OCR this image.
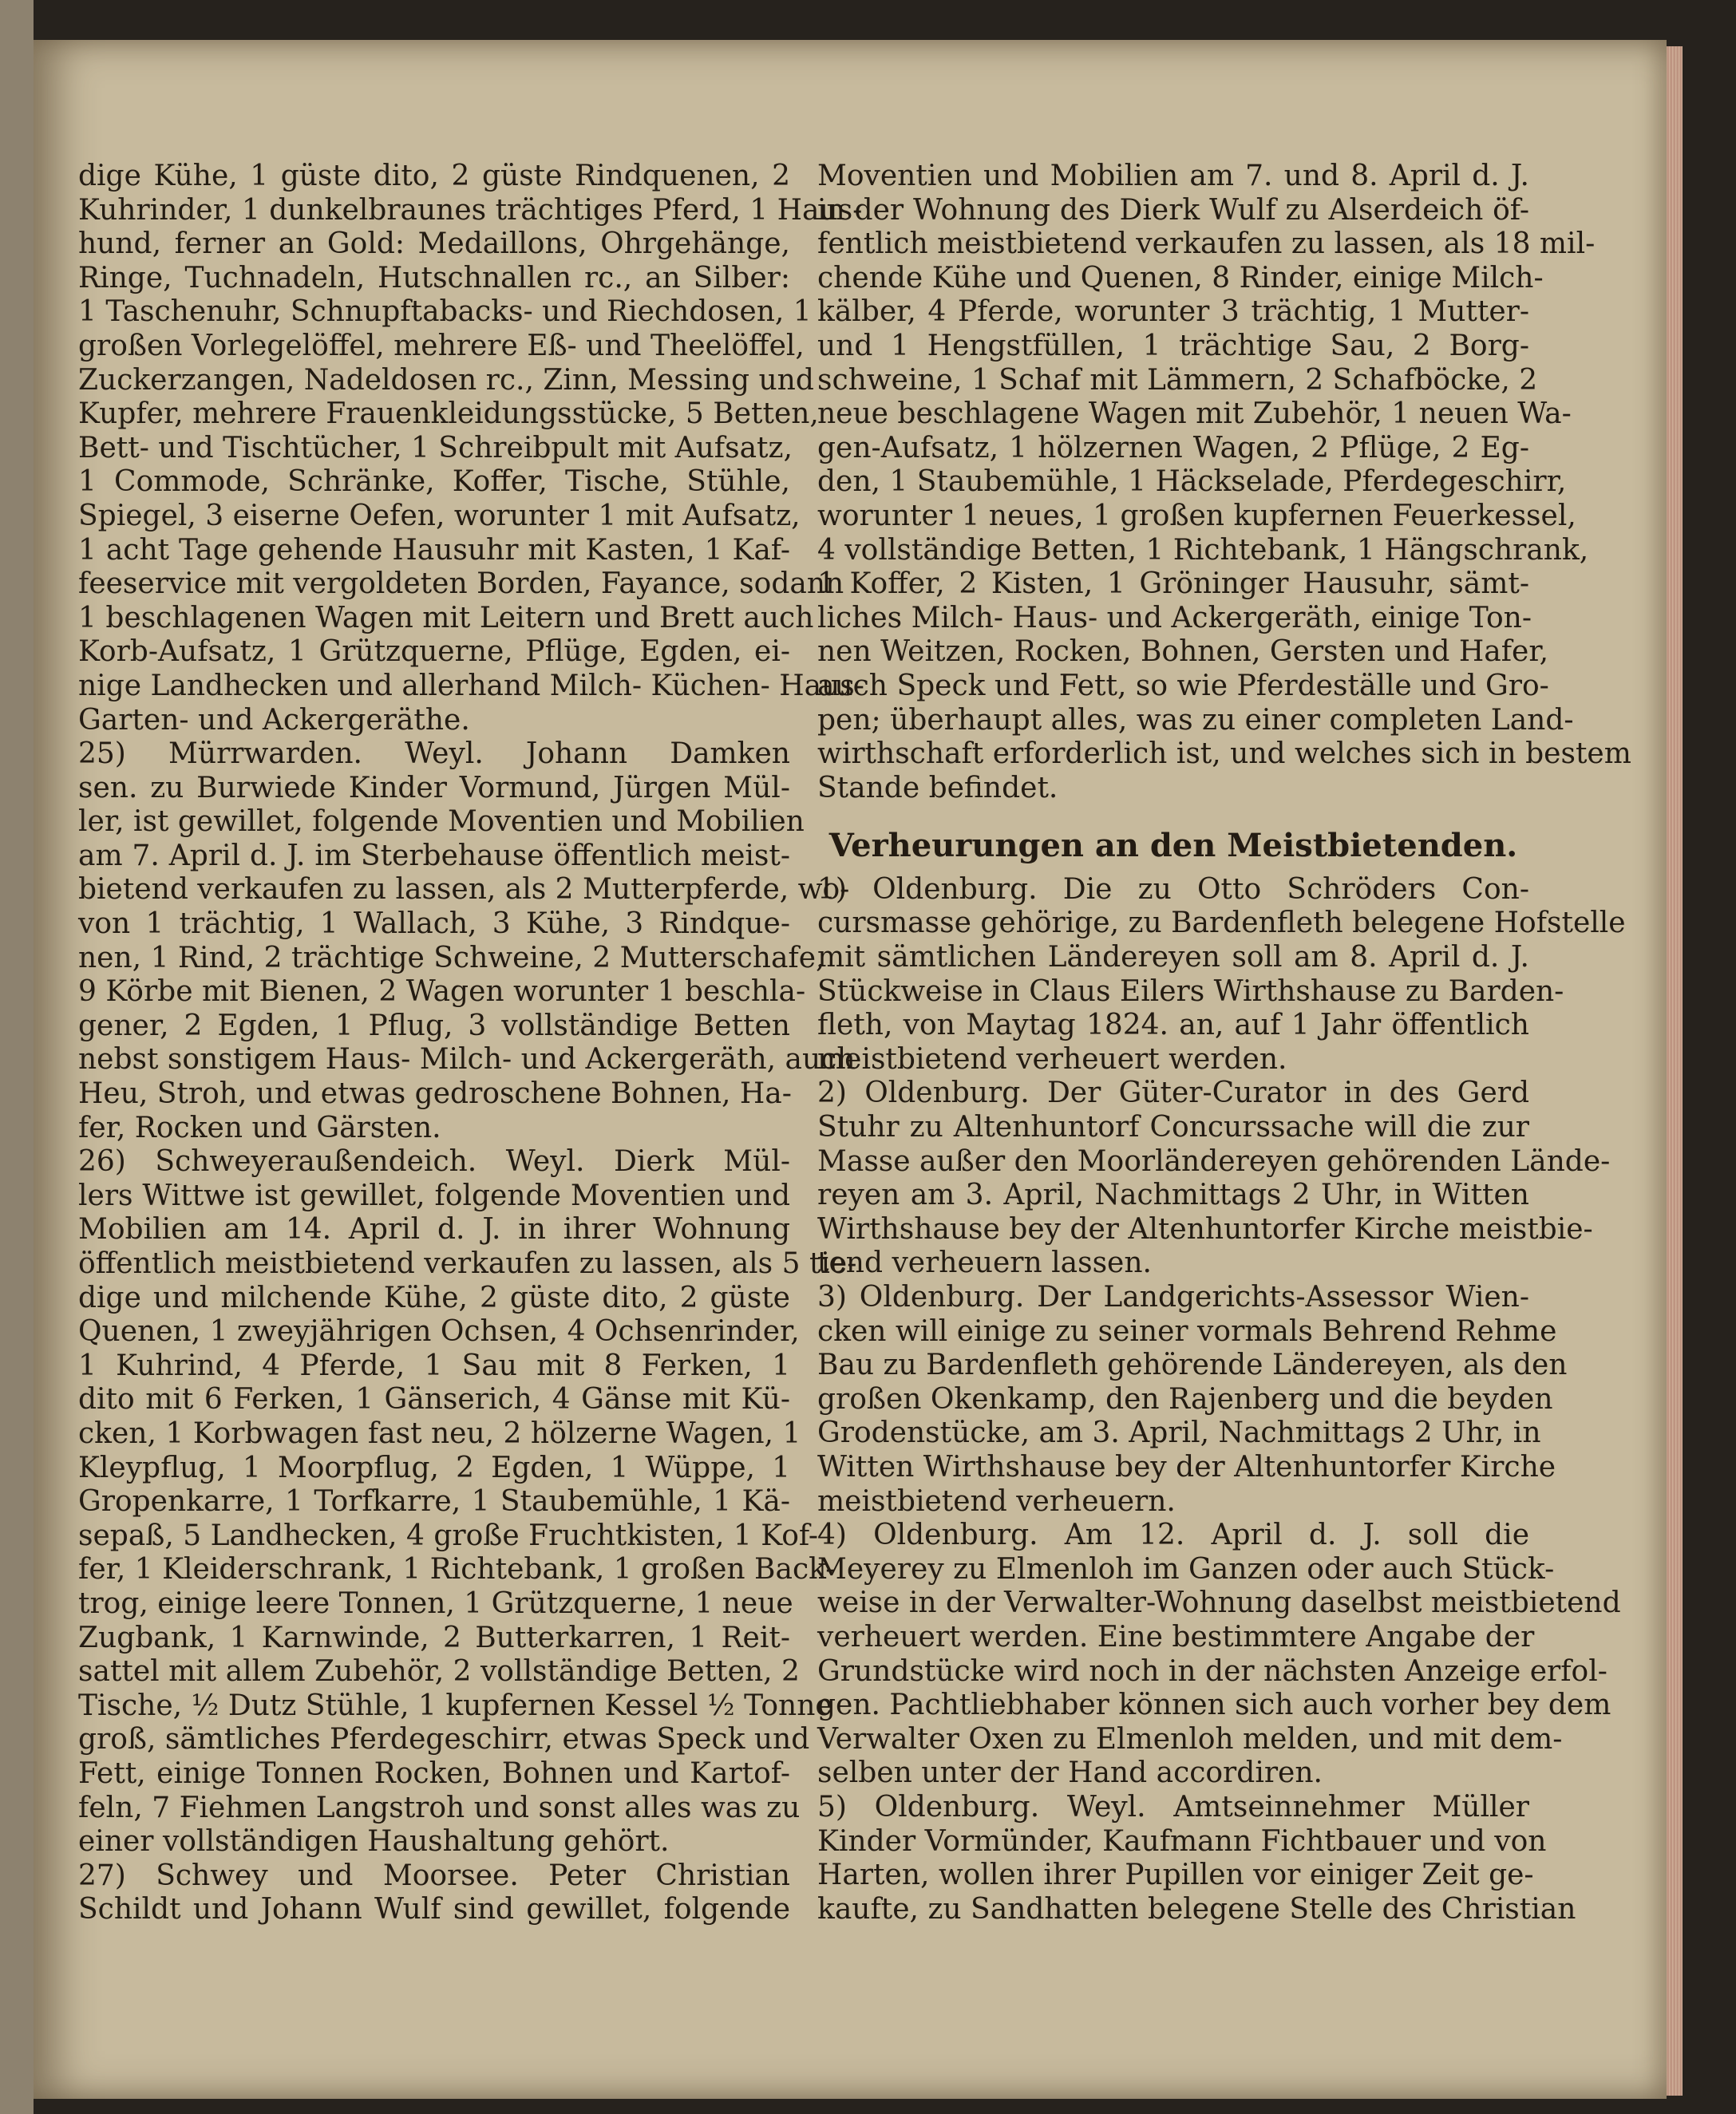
dige Kühe, 1 güste dito, 2 güste Rindquenen, 2
Kuhrinder, 1 dunkelbraunes trächtiges Pferd, 1 Haus-
hund, ferner an Gold: Medaillons, Ohrgehänge,
Ringe, Tuchnadeln, Hutschnallen rc., an Silber:
1 Taschenuhr, Schnupftabacks- und Riechdosen, 1
großen Vorlegelöffel, mehrere Eß- und Theelöffel,
Zuckerzangen, Nadeldosen rc., Zinn, Messing und
Kupfer, mehrere Frauenkleidungsstücke, 5 Betten,
Bett- und Tischtücher, 1 Schreibpult mit Aufsatz,
1 Commode, Schränke, Koffer, Tische, Stühle,
Spiegel, 3 eiserne Oefen, worunter 1 mit Aufsatz,
1 acht Tage gehende Hausuhr mit Kasten, 1 Kaf-
feeservice mit vergoldeten Borden, Fayance, sodann
1 beschlagenen Wagen mit Leitern und Brett auch
Korb-Aufsatz, 1 Grützquerne, Pflüge, Egden, ei-
nige Landhecken und allerhand Milch- Küchen- Haus-
Garten- und Ackergeräthe.
25) Mürrwarden. Weyl. Johann Damken
sen. zu Burwiede Kinder Vormund, Jürgen Mül-
ler, ist gewillet, folgende Moventien und Mobilien
am 7. April d. J. im Sterbehause öffentlich meist-
bietend verkaufen zu lassen, als 2 Mutterpferde, wo-
von 1 trächtig, 1 Wallach, 3 Kühe, 3 Rindque-
nen, 1 Rind, 2 trächtige Schweine, 2 Mutterschafe,
9 Körbe mit Bienen, 2 Wagen worunter 1 beschla-
gener, 2 Egden, 1 Pflug, 3 vollständige Betten
nebst sonstigem Haus- Milch- und Ackergeräth, auch
Heu, Stroh, und etwas gedroschene Bohnen, Ha-
fer, Rocken und Gärsten.
26) Schweyeraußendeich. Weyl. Dierk Mül-
lers Wittwe ist gewillet, folgende Moventien und
Mobilien am 14. April d. J. in ihrer Wohnung
öffentlich meistbietend verkaufen zu lassen, als 5 tie-
dige und milchende Kühe, 2 güste dito, 2 güste
Quenen, 1 zweyjährigen Ochsen, 4 Ochsenrinder,
1 Kuhrind, 4 Pferde, 1 Sau mit 8 Ferken, 1
dito mit 6 Ferken, 1 Gänserich, 4 Gänse mit Kü-
cken, 1 Korbwagen fast neu, 2 hölzerne Wagen, 1
Kleypflug, 1 Moorpflug, 2 Egden, 1 Wüppe, 1
Gropenkarre, 1 Torfkarre, 1 Staubemühle, 1 Kä-
sepaß, 5 Landhecken, 4 große Fruchtkisten, 1 Kof-
fer, 1 Kleiderschrank, 1 Richtebank, 1 großen Back-
trog, einige leere Tonnen, 1 Grützquerne, 1 neue
Zugbank, 1 Karnwinde, 2 Butterkarren, 1 Reit-
sattel mit allem Zubehör, 2 vollständige Betten, 2
Tische, ½ Dutz Stühle, 1 kupfernen Kessel ½ Tonne
groß, sämtliches Pferdegeschirr, etwas Speck und
Fett, einige Tonnen Rocken, Bohnen und Kartof-
feln, 7 Fiehmen Langstroh und sonst alles was zu
einer vollständigen Haushaltung gehört.
27) Schwey und Moorsee. Peter Christian
Schildt und Johann Wulf sind gewillet, folgende
Moventien und Mobilien am 7. und 8. April d. J.
in der Wohnung des Dierk Wulf zu Alserdeich öf-
fentlich meistbietend verkaufen zu lassen, als 18 mil-
chende Kühe und Quenen, 8 Rinder, einige Milch-
kälber, 4 Pferde, worunter 3 trächtig, 1 Mutter-
und 1 Hengstfüllen, 1 trächtige Sau, 2 Borg-
schweine, 1 Schaf mit Lämmern, 2 Schafböcke, 2
neue beschlagene Wagen mit Zubehör, 1 neuen Wa-
gen-Aufsatz, 1 hölzernen Wagen, 2 Pflüge, 2 Eg-
den, 1 Staubemühle, 1 Häckselade, Pferdegeschirr,
worunter 1 neues, 1 großen kupfernen Feuerkessel,
4 vollständige Betten, 1 Richtebank, 1 Hängschrank,
1 Koffer, 2 Kisten, 1 Gröninger Hausuhr, sämt-
liches Milch- Haus- und Ackergeräth, einige Ton-
nen Weitzen, Rocken, Bohnen, Gersten und Hafer,
auch Speck und Fett, so wie Pferdeställe und Gro-
pen; überhaupt alles, was zu einer completen Land-
wirthschaft erforderlich ist, und welches sich in bestem
Stande befindet.
Verheurungen an den Meistbietenden.
1) Oldenburg. Die zu Otto Schröders Con-
cursmasse gehörige, zu Bardenfleth belegene Hofstelle
mit sämtlichen Ländereyen soll am 8. April d. J.
Stückweise in Claus Eilers Wirthshause zu Barden-
fleth, von Maytag 1824. an, auf 1 Jahr öffentlich
meistbietend verheuert werden.
2) Oldenburg. Der Güter-Curator in des Gerd
Stuhr zu Altenhuntorf Concurssache will die zur
Masse außer den Moorländereyen gehörenden Lände-
reyen am 3. April, Nachmittags 2 Uhr, in Witten
Wirthshause bey der Altenhuntorfer Kirche meistbie-
tend verheuern lassen.
3) Oldenburg. Der Landgerichts-Assessor Wien-
cken will einige zu seiner vormals Behrend Rehme
Bau zu Bardenfleth gehörende Ländereyen, als den
großen Okenkamp, den Rajenberg und die beyden
Grodenstücke, am 3. April, Nachmittags 2 Uhr, in
Witten Wirthshause bey der Altenhuntorfer Kirche
meistbietend verheuern.
4) Oldenburg. Am 12. April d. J. soll die
Meyerey zu Elmenloh im Ganzen oder auch Stück-
weise in der Verwalter-Wohnung daselbst meistbietend
verheuert werden. Eine bestimmtere Angabe der
Grundstücke wird noch in der nächsten Anzeige erfol-
gen. Pachtliebhaber können sich auch vorher bey dem
Verwalter Oxen zu Elmenloh melden, und mit dem-
selben unter der Hand accordiren.
5) Oldenburg. Weyl. Amtseinnehmer Müller
Kinder Vormünder, Kaufmann Fichtbauer und von
Harten, wollen ihrer Pupillen vor einiger Zeit ge-
kaufte, zu Sandhatten belegene Stelle des Christian
